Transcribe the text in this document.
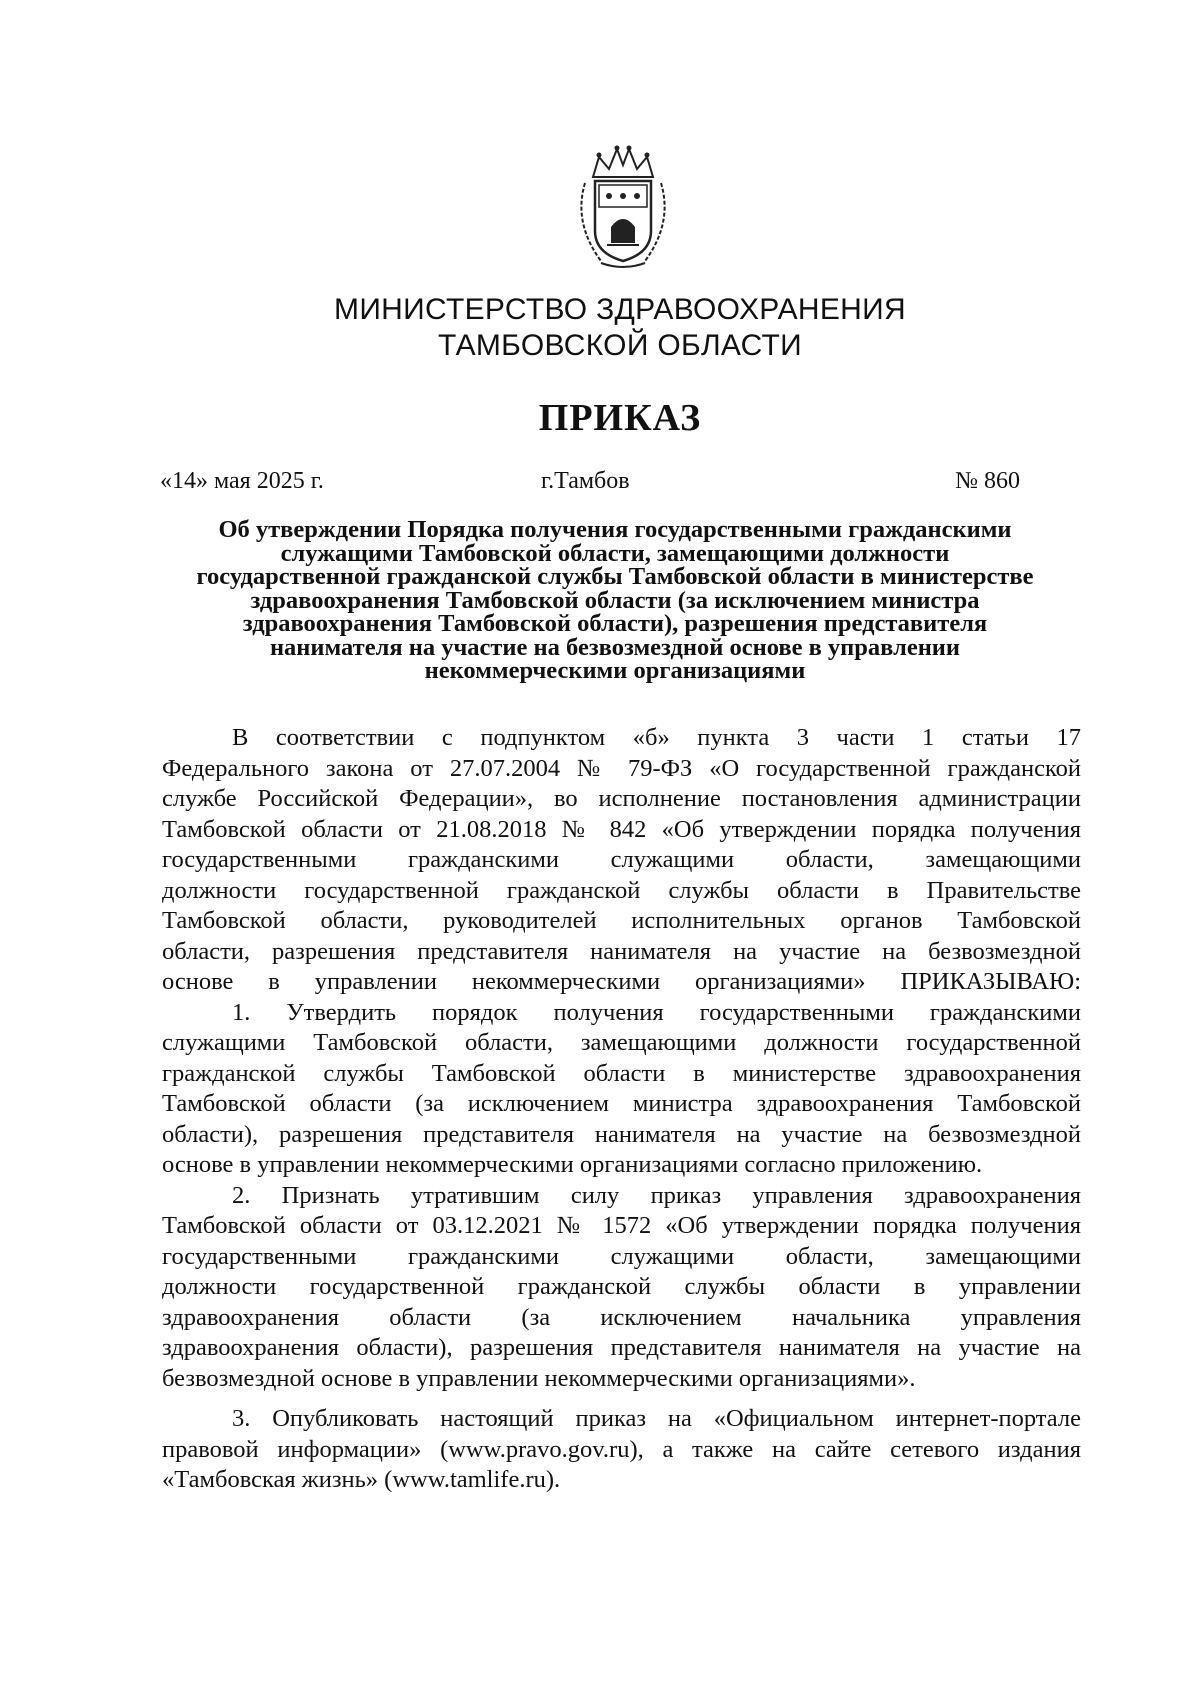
МИНИСТЕРСТВО ЗДРАВООХРАНЕНИЯ
ТАМБОВСКОЙ ОБЛАСТИ
ПРИКАЗ
«14» мая 2025 г.	г.Тамбов	№ 860
Об утверждении Порядка получения государственными гражданскими
служащими Тамбовской области, замещающими должности
государственной гражданской службы Тамбовской области в министерстве
здравоохранения Тамбовской области (за исключением министра
здравоохранения Тамбовской области), разрешения представителя
нанимателя на участие на безвозмездной основе в управлении
некоммерческими организациями
В соответствии с подпунктом «б» пункта 3 части 1 статьи 17
Федерального закона от 27.07.2004 № 79-ФЗ «О государственной гражданской
службе Российской Федерации», во исполнение постановления администрации
Тамбовской области от 21.08.2018 № 842 «Об утверждении порядка получения
государственными гражданскими служащими области, замещающими
должности государственной гражданской службы области в Правительстве
Тамбовской области, руководителей исполнительных органов Тамбовской
области, разрешения представителя нанимателя на участие на безвозмездной
основе в управлении некоммерческими организациями» ПРИКАЗЫВАЮ:
1. Утвердить порядок получения государственными гражданскими
служащими Тамбовской области, замещающими должности государственной
гражданской службы Тамбовской области в министерстве здравоохранения
Тамбовской области (за исключением министра здравоохранения Тамбовской
области), разрешения представителя нанимателя на участие на безвозмездной
основе в управлении некоммерческими организациями согласно приложению.
2. Признать утратившим силу приказ управления здравоохранения
Тамбовской области от 03.12.2021 № 1572 «Об утверждении порядка получения
государственными гражданскими служащими области, замещающими
должности государственной гражданской службы области в управлении
здравоохранения области (за исключением начальника управления
здравоохранения области), разрешения представителя нанимателя на участие на
безвозмездной основе в управлении некоммерческими организациями».
3. Опубликовать настоящий приказ на «Официальном интернет-портале
правовой информации» (www.pravo.gov.ru), а также на сайте сетевого издания
«Тамбовская жизнь» (www.tamlife.ru).
